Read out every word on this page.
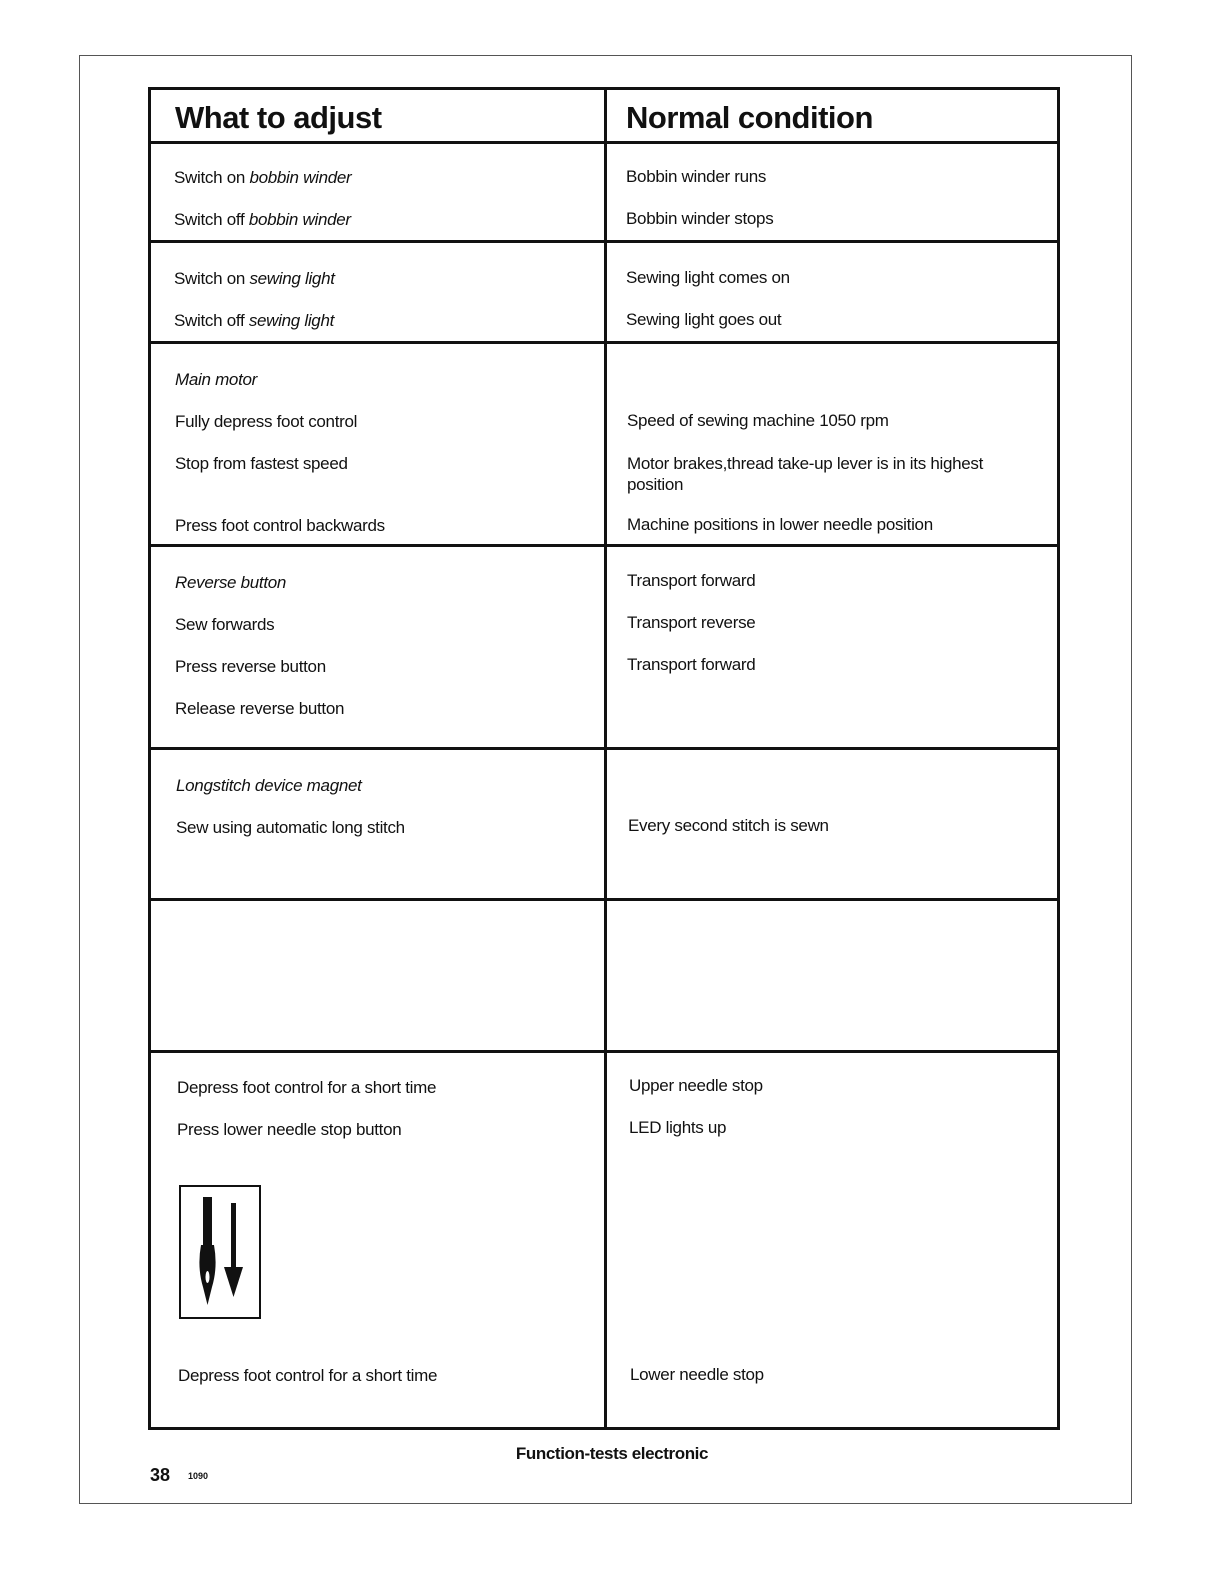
What to adjust	Normal condition
Switch on bobbin winder
Switch off bobbin winder
Bobbin winder runs
Bobbin winder stops
Switch on sewing light
Switch off sewing light
Sewing light comes on
Sewing light goes out
Main motor
Fully depress foot control
Stop from fastest speed
Press foot control backwards
Speed of sewing machine 1050 rpm
Motor brakes,thread take-up lever is in its highest position
Machine positions in lower needle position
Reverse button
Sew forwards
Press reverse button
Release reverse button
Transport forward
Transport reverse
Transport forward
Longstitch device magnet
Sew using automatic long stitch	Every second stitch is sewn
Depress foot control for a short time
Press lower needle stop button
Depress foot control for a short time
Upper needle stop
LED lights up
Lower needle stop
Function-tests electronic
38 1090
